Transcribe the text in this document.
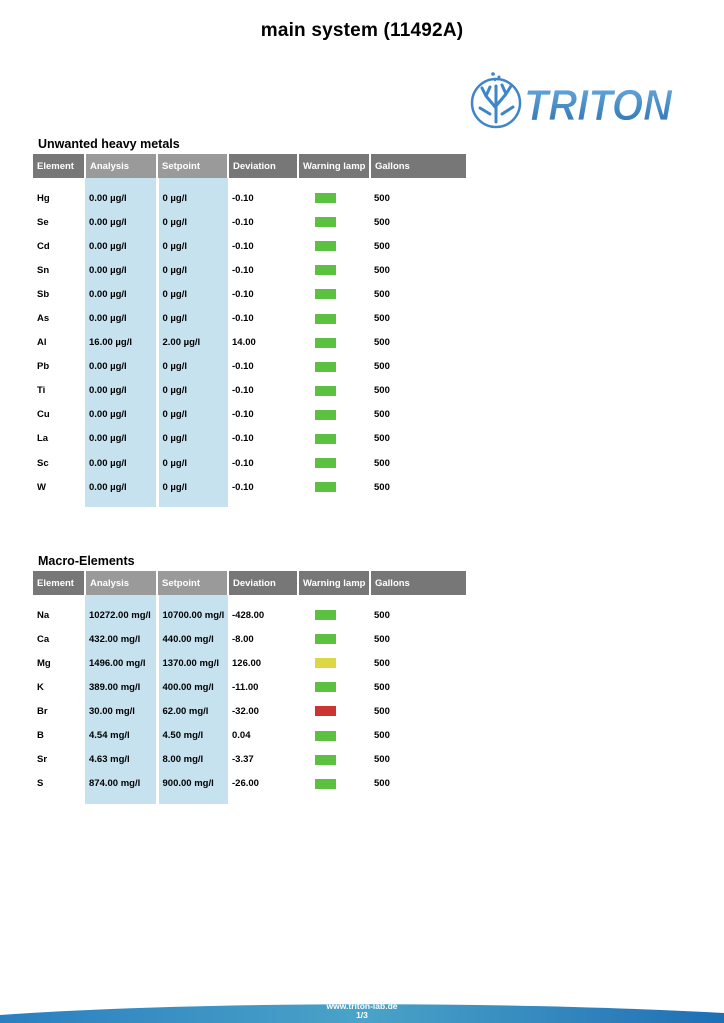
main system (11492A)
TRITON
Unwanted heavy metals
Element	Analysis	Setpoint	Deviation	Warning lamp	Gallons

Hg	0.00 µg/l	0 µg/l	-0.10		500
Se	0.00 µg/l	0 µg/l	-0.10		500
Cd	0.00 µg/l	0 µg/l	-0.10		500
Sn	0.00 µg/l	0 µg/l	-0.10		500
Sb	0.00 µg/l	0 µg/l	-0.10		500
As	0.00 µg/l	0 µg/l	-0.10		500
Al	16.00 µg/l	2.00 µg/l	14.00		500
Pb	0.00 µg/l	0 µg/l	-0.10		500
Ti	0.00 µg/l	0 µg/l	-0.10		500
Cu	0.00 µg/l	0 µg/l	-0.10		500
La	0.00 µg/l	0 µg/l	-0.10		500
Sc	0.00 µg/l	0 µg/l	-0.10		500
W	0.00 µg/l	0 µg/l	-0.10		500

Macro-Elements
Element	Analysis	Setpoint	Deviation	Warning lamp	Gallons

Na	10272.00 mg/l	10700.00 mg/l	-428.00		500
Ca	432.00 mg/l	440.00 mg/l	-8.00		500
Mg	1496.00 mg/l	1370.00 mg/l	126.00		500
K	389.00 mg/l	400.00 mg/l	-11.00		500
Br	30.00 mg/l	62.00 mg/l	-32.00		500
B	4.54 mg/l	4.50 mg/l	0.04		500
Sr	4.63 mg/l	8.00 mg/l	-3.37		500
S	874.00 mg/l	900.00 mg/l	-26.00		500

www.triton-lab.de
1/3
